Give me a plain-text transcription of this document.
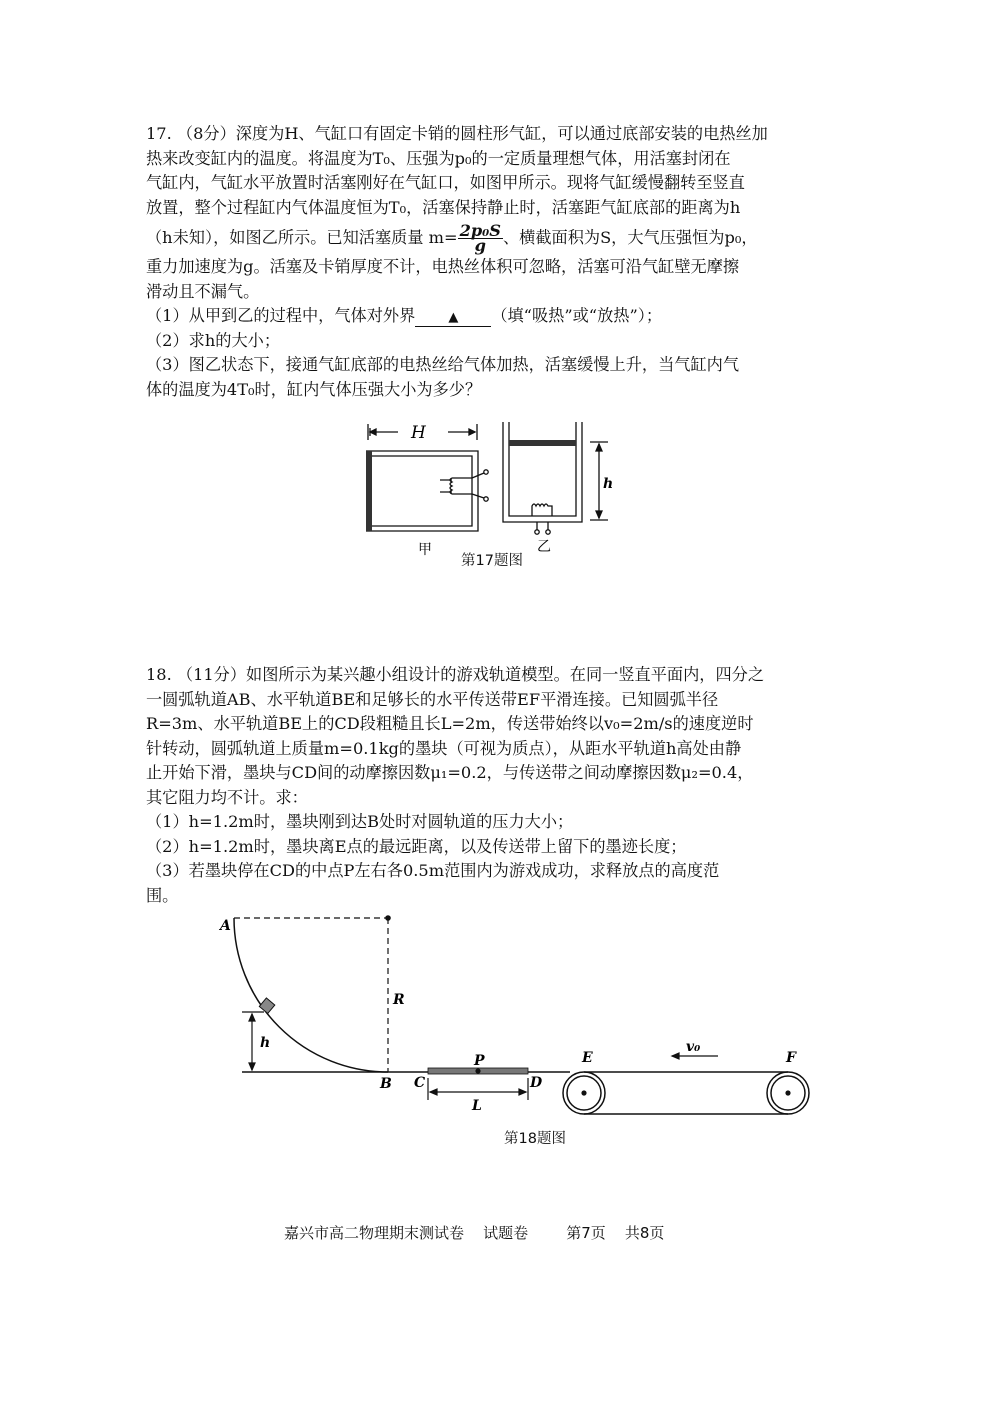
17. （8分）深度为H、气缸口有固定卡销的圆柱形气缸，可以通过底部安装的电热丝加

热来改变缸内的温度。将温度为T₀、压强为p₀的一定质量理想气体，用活塞封闭在

气缸内，气缸水平放置时活塞刚好在气缸口，如图甲所示。现将气缸缓慢翻转至竖直

放置，整个过程缸内气体温度恒为T₀，活塞保持静止时，活塞距气缸底部的距离为h

（h未知），如图乙所示。已知活塞质量 $m= \frac{\text{2p₀S}}{g}$ 、横截面积为S，大气压强恒为p₀，

重力加速度为g。活塞及卡销厚度不计，电热丝体积可忽略，活塞可沿气缸壁无摩擦

滑动且不漏气。

（1）从甲到乙的过程中，气体对外界	▲ （填“吸热”或“放热”）；

（2）求h的大小；

（3）图乙状态下，接通气缸底部的电热丝给气体加热，活塞缓慢上升，当气缸内气

体的温度为4T₀时，缸内气体压强大小为多少？

H
h
甲	乙
第17题图

18. （11分）如图所示为某兴趣小组设计的游戏轨道模型。在同一竖直平面内，四分之

一圆弧轨道AB、水平轨道BE和足够长的水平传送带EF平滑连接。已知圆弧半径

R=3m、水平轨道BE上的CD段粗糙且长L=2m，传送带始终以v₀=2m/s的速度逆时

针转动，圆弧轨道上质量m=0.1kg的墨块（可视为质点），从距水平轨道h高处由静

止开始下滑，墨块与CD间的动摩擦因数μ₁=0.2，与传送带之间动摩擦因数μ₂=0.4，

其它阻力均不计。求：

（1）h=1.2m时，墨块刚到达B处时对圆轨道的压力大小；

（2）h=1.2m时，墨块离E点的最远距离，以及传送带上留下的墨迹长度；

（3）若墨块停在CD的中点P左右各0.5m范围内为游戏成功，求释放点的高度范

围。

A
B C	D
E	F
P
R
h
L
v₀
第18题图
嘉兴市高二物理期末测试卷    试题卷	第7页    共8页
